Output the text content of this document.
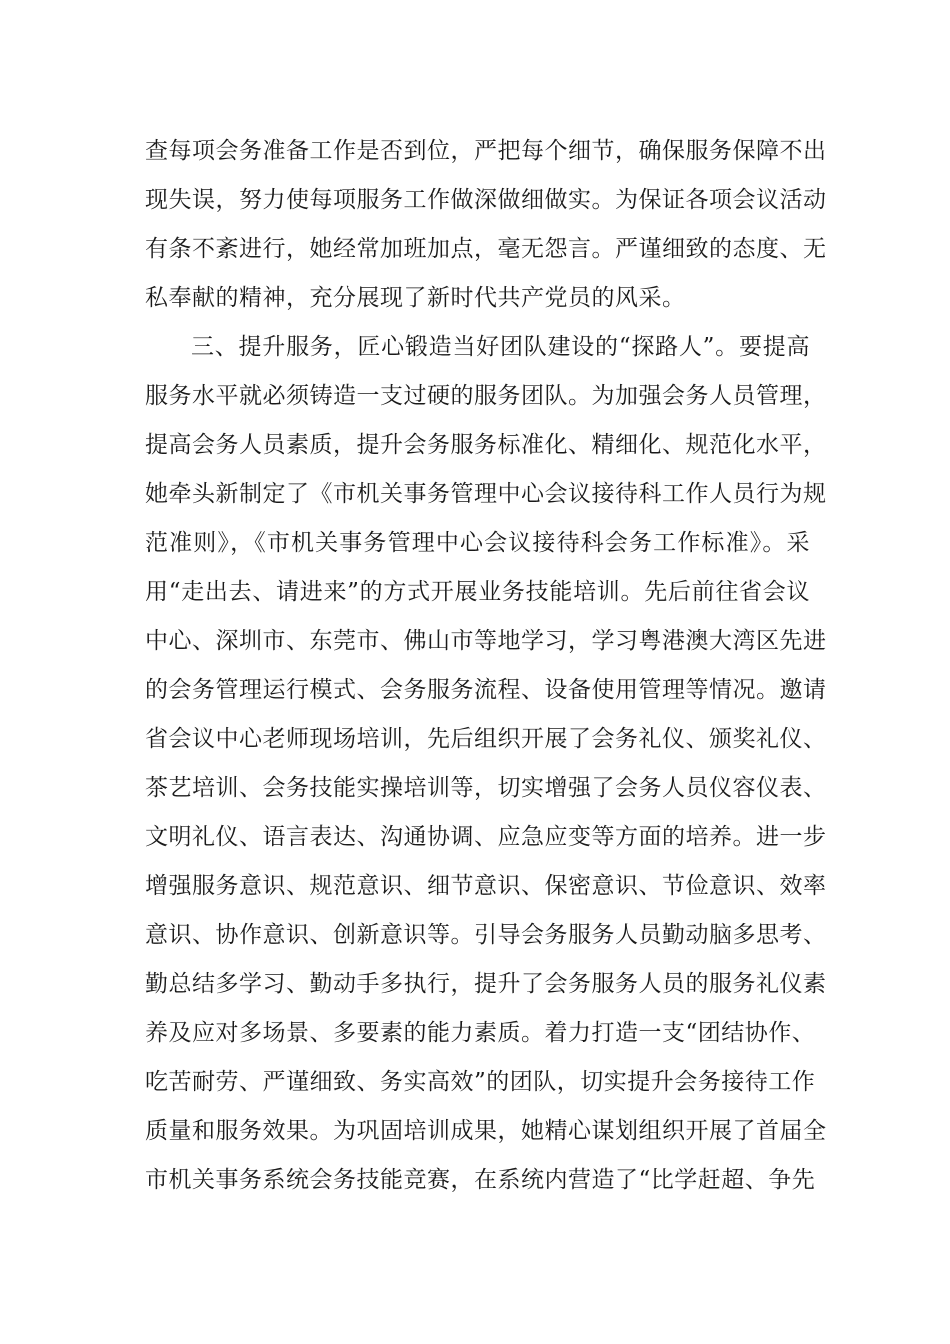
查每项会务准备工作是否到位，严把每个细节，确保服务保障不出
现失误，努力使每项服务工作做深做细做实。为保证各项会议活动
有条不紊进行，她经常加班加点，毫无怨言。严谨细致的态度、无
私奉献的精神，充分展现了新时代共产党员的风采。
三、提升服务，匠心锻造当好团队建设的“探路人”。要提高
服务水平就必须铸造一支过硬的服务团队。为加强会务人员管理，
提高会务人员素质，提升会务服务标准化、精细化、规范化水平，
她牵头新制定了《市机关事务管理中心会议接待科工作人员行为规
范准则》，《市机关事务管理中心会议接待科会务工作标准》。采
用“走出去、请进来”的方式开展业务技能培训。先后前往省会议
中心、深圳市、东莞市、佛山市等地学习，学习粤港澳大湾区先进
的会务管理运行模式、会务服务流程、设备使用管理等情况。邀请
省会议中心老师现场培训，先后组织开展了会务礼仪、颁奖礼仪、
茶艺培训、会务技能实操培训等，切实增强了会务人员仪容仪表、
文明礼仪、语言表达、沟通协调、应急应变等方面的培养。进一步
增强服务意识、规范意识、细节意识、保密意识、节俭意识、效率
意识、协作意识、创新意识等。引导会务服务人员勤动脑多思考、
勤总结多学习、勤动手多执行，提升了会务服务人员的服务礼仪素
养及应对多场景、多要素的能力素质。着力打造一支“团结协作、
吃苦耐劳、严谨细致、务实高效”的团队，切实提升会务接待工作
质量和服务效果。为巩固培训成果，她精心谋划组织开展了首届全
市机关事务系统会务技能竞赛，在系统内营造了“比学赶超、争先
